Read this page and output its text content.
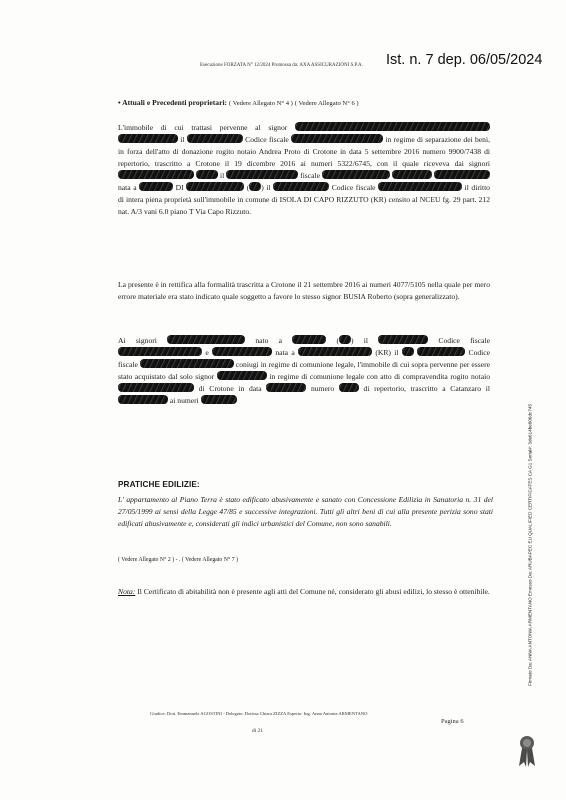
Esecuzione FORZATA N° 12/2024 Promossa da: AXA ASSICURAZIONI S.P.A. Ist. n. 7 dep. 06/05/2024
• Attuali e Precedenti proprietari: ( Vedere Allegato N° 4 ) ( Vedere Allegato N° 6 )
L'immobile di cui trattasi pervenne al signor   il	Codice fiscale	in regime di separazione dei beni, in forza dell'atto di donazione rogito notaio Andrea Proto di Crotone in data 5 settembre 2016 numero 9900/7438 di repertorio, trascritto a Crotone il 19 dicembre 2016 ai numeri 5322/6745, con il quale riceveva dai signori   il	fiscale    nata a	DI	( ) il	Codice fiscale	il diritto di intera piena proprietà sull'immobile in comune di ISOLA DI CAPO RIZZUTO (KR) censito al NCEU fg. 29 part. 212 nat. A/3 vani 6.0 piano T Via Capo Rizzuto.
La presente è in rettifica alla formalità trascritta a Crotone il 21 settembre 2016 ai numeri 4077/5105 nella quale per mero errore materiale era stato indicato quale soggetto a favore lo stesso signor BUSIA Roberto (sopra generalizzato).
Ai signori	nato a	( ) il	Codice fiscale  e	nata a	(KR) il	Codice fiscale	coniugi in regime di comunione legale, l'immobile di cui sopra pervenne per essere stato acquistato dal solo signor	in regime di comunione legale con atto di compravendita rogito notaio  di Crotone in data	numero	di repertorio, trascritto a Catanzaro il  ai numeri
PRATICHE EDILIZIE:
L' appartamento al Piano Terra è stato edificato abusivamente e sanato con Concessione Edilizia in Sanatoria n. 31 del 27/05/1999 ai sensi della Legge 47/85 e successive integrazioni. Tutti gli altri beni di cui alla presente perizia sono stati edificati abusivamente e, considerati gli indici urbanistici del Comune, non sono sanabili.
( Vedere Allegato N° 2 ) - . ( Vedere Allegato N° 7 )
Nota: Il Certificato di abitabilità non è presente agli atti del Comune né, considerato gli abusi edilizi, lo stesso è ottenibile.
Giudice: Dott. Emmanuele AGOSTINI - Delegato: Dottssa Chiara ZIZZA Esperto: Ing. Anna Antonia ARMENTANO
di 21
Pagina 6
Firmato Da: ANNA ANTONIA ARMENTANO Emesso Da: ARUBAPEC EU QUALIFIED CERTIFICATES CA G1 Serial#: 3de614be806dc745
